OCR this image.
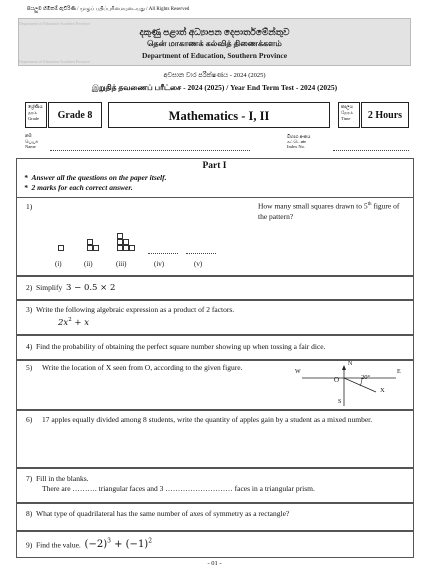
සියලුම හිමිකම් ඇවිරිණි / முழுப் பதிப்புரிமையுடையது / All Rights Reserved
Department of Education Southern Province
Department of Education Southern Province
දකුණු පළාත් අධ්‍යාපන දෙපාර්තමේන්තුව
தென் மாகாணக் கல்வித் திணைக்களம்
Department of Education, Southern Province
අවසාන වාර පරීක්ෂණය - 2024 (2025)
இறுதித் தவணைப் பரீட்சை - 2024 (2025) / Year End Term Test - 2024 (2025)
ශ්‍රේණිය
தரம்
Grade	Grade 8	Mathematics - I, II
කාලය
நேரம்
Time	2 Hours
නම
பெயர்
Name
විභාග අංකය
சுட்டெண்
Index No.
Part I
*  Answer all the questions on the paper itself.
*  2 marks for each correct answer.
1)	How many small squares drawn to 5th figure of the pattern?
(i)	(ii)	(iii)	(iv)	(v)
2) Simplify 3 − 0.5 × 2
3) Write the following algebraic expression as a product of 2 factors.
$2x^2 + x$
4) Find the probability of obtaining the perfect square number showing up when tossing a fair dice.
5)	Write the location of X seen from O, according to the given figure.	N
E
W
S
O
X
20°
6)	17 apples equally divided among 8 students, write the quantity of apples gain by a student as a mixed number.
7) Fill in the blanks.
There are ………. triangular faces and 3 ……………………… faces in a triangular prism.
8) What type of quadrilateral has the same number of axes of symmetry as a rectangle?
9) Find the value. $(-2)^3 + (-1)^2$
- 01 -
